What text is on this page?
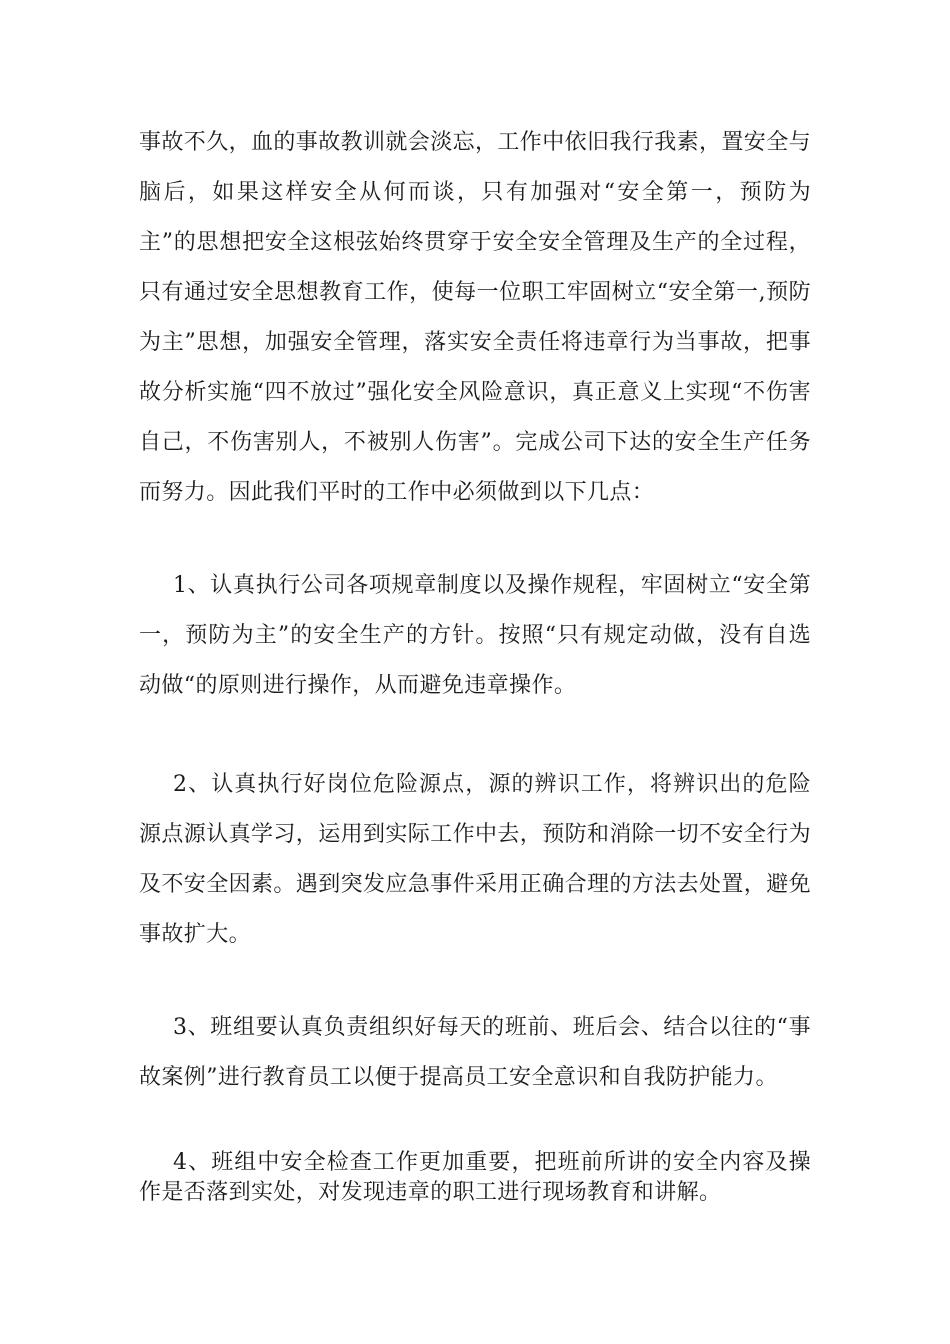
事故不久，血的事故教训就会淡忘，工作中依旧我行我素，置安全与脑后，如果这样安全从何而谈，只有加强对“安全第一，预防为主”的思想把安全这根弦始终贯穿于安全安全管理及生产的全过程，只有通过安全思想教育工作，使每一位职工牢固树立“安全第一,预防为主”思想，加强安全管理，落实安全责任将违章行为当事故，把事故分析实施“四不放过”强化安全风险意识，真正意义上实现“不伤害自己，不伤害别人，不被别人伤害”。完成公司下达的安全生产任务而努力。因此我们平时的工作中必须做到以下几点：

1、认真执行公司各项规章制度以及操作规程，牢固树立“安全第一，预防为主”的安全生产的方针。按照“只有规定动做，没有自选动做“的原则进行操作，从而避免违章操作。

2、认真执行好岗位危险源点，源的辨识工作，将辨识出的危险源点源认真学习，运用到实际工作中去，预防和消除一切不安全行为及不安全因素。遇到突发应急事件采用正确合理的方法去处置，避免事故扩大。

3、班组要认真负责组织好每天的班前、班后会、结合以往的“事故案例”进行教育员工以便于提高员工安全意识和自我防护能力。

4、班组中安全检查工作更加重要，把班前所讲的安全内容及操作是否落到实处，对发现违章的职工进行现场教育和讲解。
